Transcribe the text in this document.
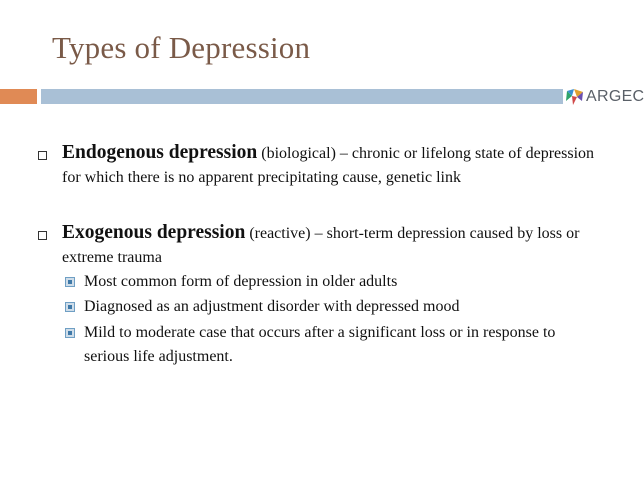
Types of Depression
ARGEC
Endogenous depression (biological) – chronic or lifelong state of depression for which there is no apparent precipitating cause, genetic link
Exogenous depression (reactive) – short-term depression caused by loss or extreme trauma
Most common form of depression in older adults
Diagnosed as an adjustment disorder with depressed mood
Mild to moderate case that occurs after a significant loss or in response to serious life adjustment.
